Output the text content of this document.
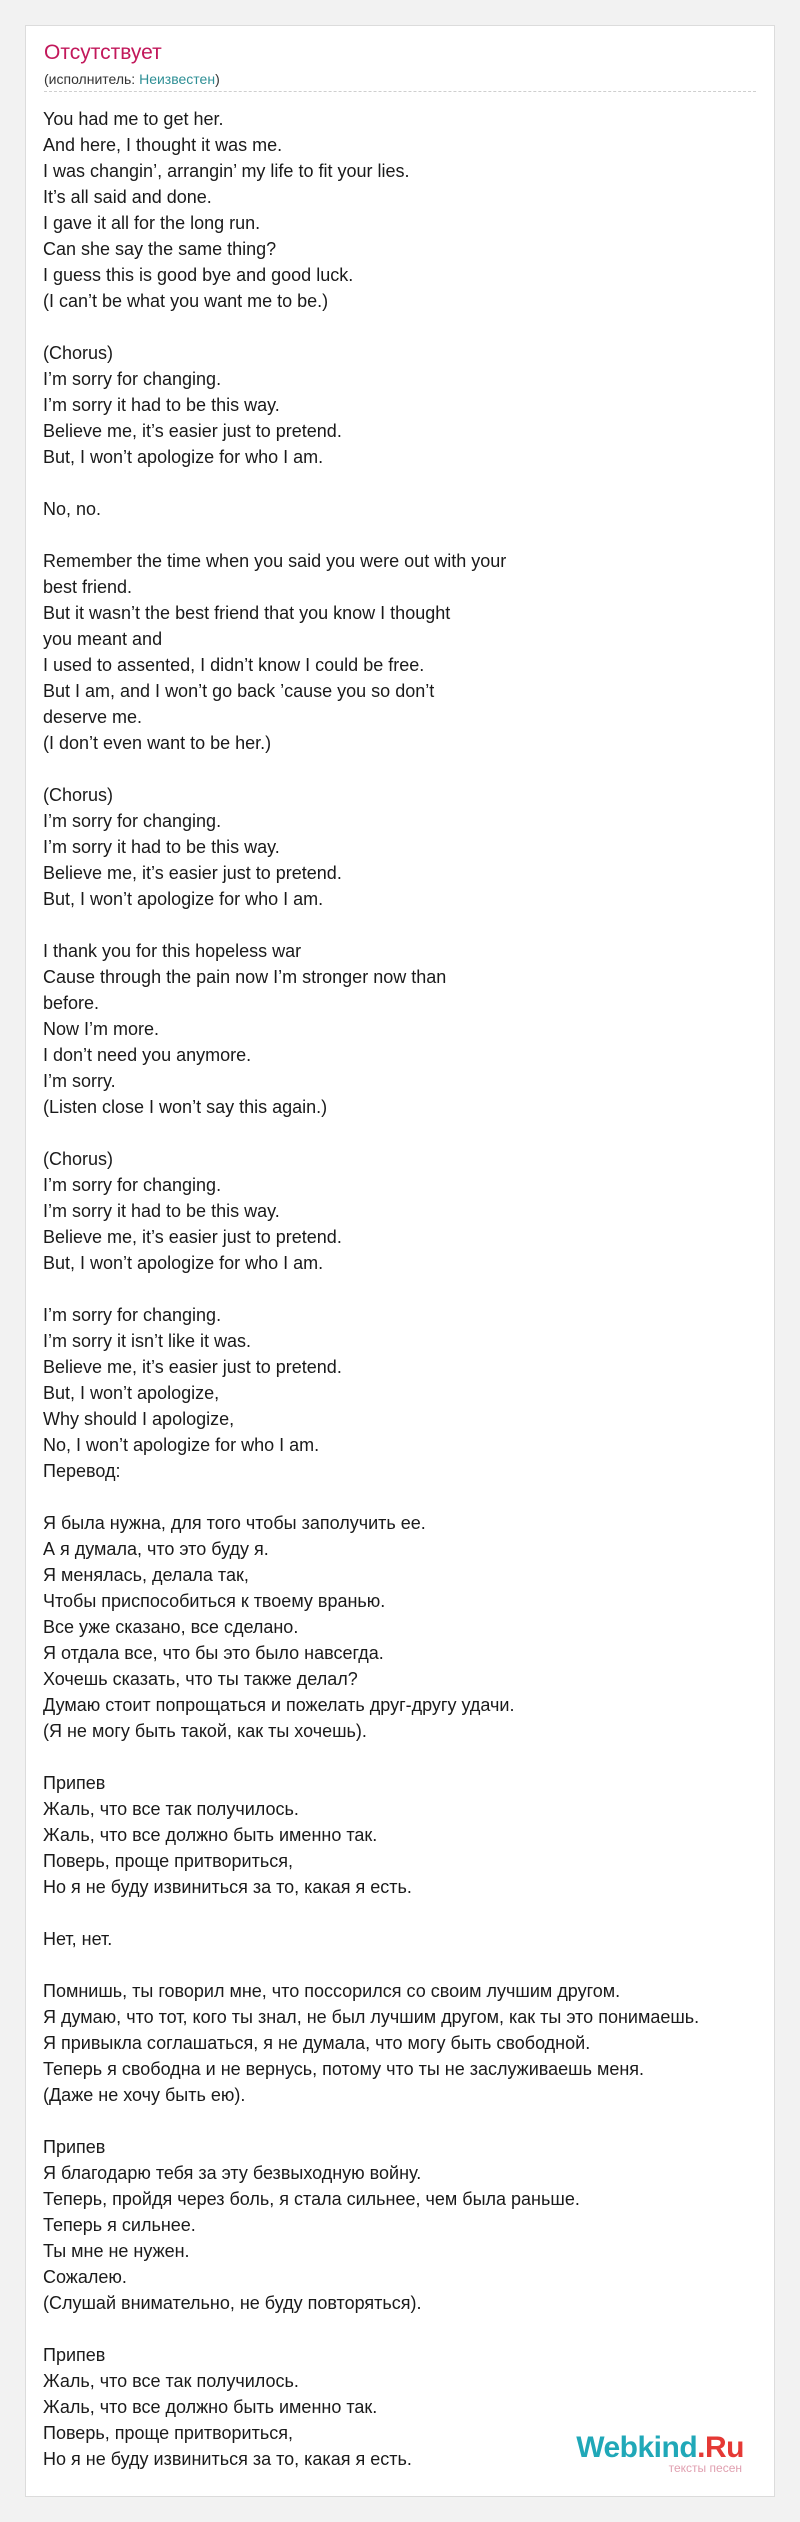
Отсутствует
(исполнитель: Неизвестен)
You had me to get her.
And here, I thought it was me.
I was changin’, arrangin’ my life to fit your lies.
It’s all said and done.
I gave it all for the long run.
Can she say the same thing?
I guess this is good bye and good luck.
(I can’t be what you want me to be.)
(Chorus)
I’m sorry for changing.
I’m sorry it had to be this way.
Believe me, it’s easier just to pretend.
But, I won’t apologize for who I am.
No, no.
Remember the time when you said you were out with your
best friend.
But it wasn’t the best friend that you know I thought
you meant and
I used to assented, I didn’t know I could be free.
But I am, and I won’t go back ’cause you so don’t
deserve me.
(I don’t even want to be her.)
(Chorus)
I’m sorry for changing.
I’m sorry it had to be this way.
Believe me, it’s easier just to pretend.
But, I won’t apologize for who I am.
I thank you for this hopeless war
Cause through the pain now I’m stronger now than
before.
Now I’m more.
I don’t need you anymore.
I’m sorry.
(Listen close I won’t say this again.)
(Chorus)
I’m sorry for changing.
I’m sorry it had to be this way.
Believe me, it’s easier just to pretend.
But, I won’t apologize for who I am.
I’m sorry for changing.
I’m sorry it isn’t like it was.
Believe me, it’s easier just to pretend.
But, I won’t apologize,
Why should I apologize,
No, I won’t apologize for who I am.
Перевод:
Я была нужна, для того чтобы заполучить ее.
А я думала, что это буду я.
Я менялась, делала так,
Чтобы приспособиться к твоему вранью.
Все уже сказано, все сделано.
Я отдала все, что бы это было навсегда.
Хочешь сказать, что ты также делал?
Думаю стоит попрощаться и пожелать друг-другу удачи.
(Я не могу быть такой, как ты хочешь).
Припев
Жаль, что все так получилось.
Жаль, что все должно быть именно так.
Поверь, проще притвориться,
Но я не буду извиниться за то, какая я есть.
Нет, нет.
Помнишь, ты говорил мне, что поссорился со своим лучшим другом.
Я думаю, что тот, кого ты знал, не был лучшим другом, как ты это понимаешь.
Я привыкла соглашаться, я не думала, что могу быть свободной.
Теперь я свободна и не вернусь, потому что ты не заслуживаешь меня.
(Даже не хочу быть ею).
Припев
Я благодарю тебя за эту безвыходную войну.
Теперь, пройдя через боль, я стала сильнее, чем была раньше.
Теперь я сильнее.
Ты мне не нужен.
Сожалею.
(Слушай внимательно, не буду повторяться).
Припев
Жаль, что все так получилось.
Жаль, что все должно быть именно так.
Поверь, проще притвориться,
Но я не буду извиниться за то, какая я есть.	Webkind.Ru
тексты песен
